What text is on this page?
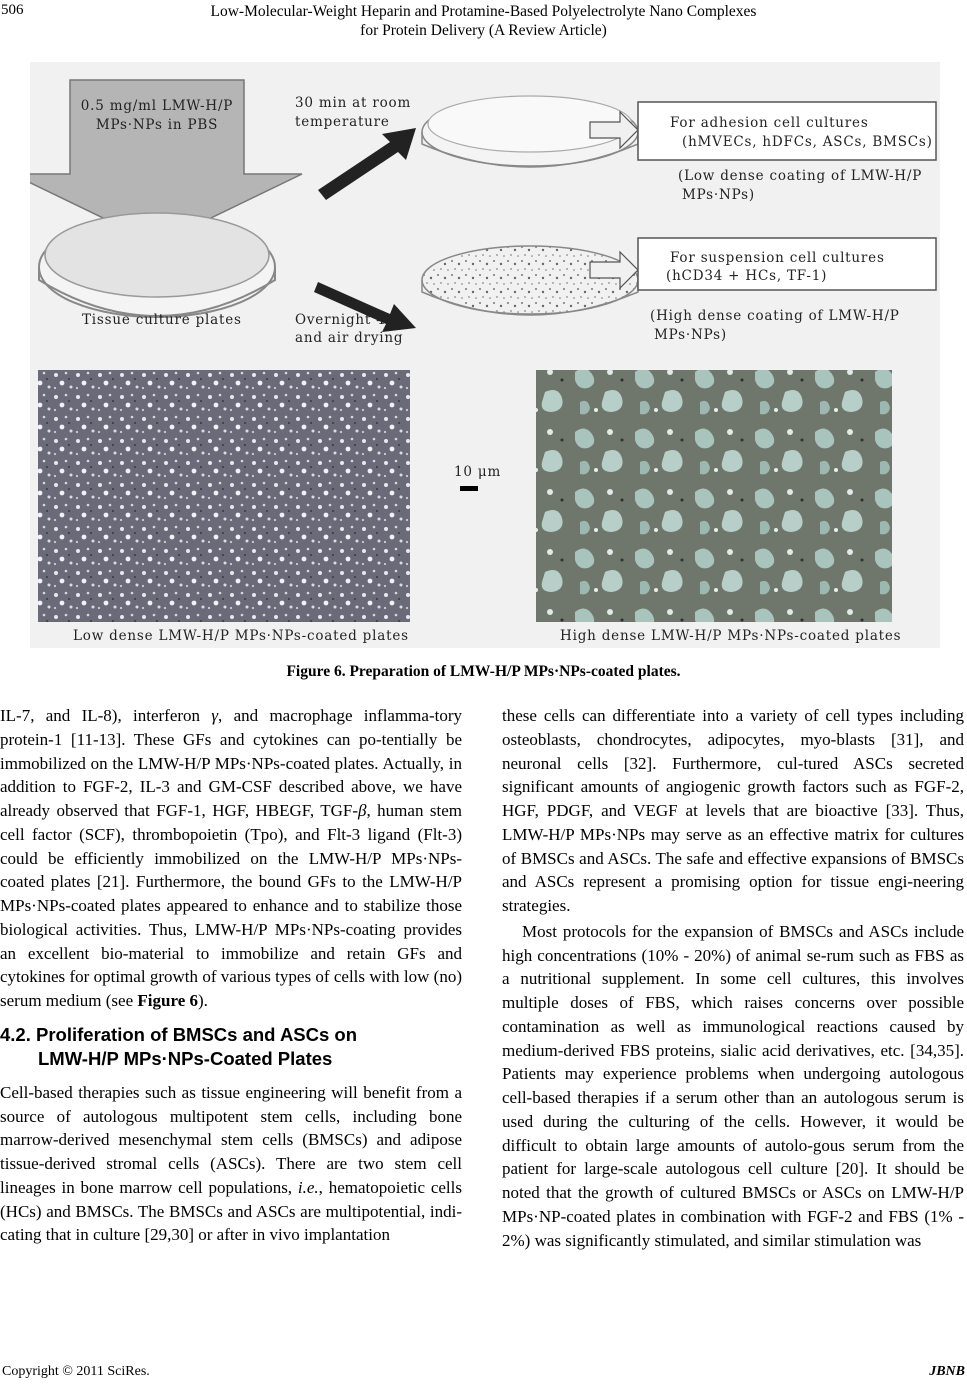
506	Low-Molecular-Weight Heparin and Protamine-Based Polyelectrolyte Nano Complexes
for Protein Delivery (A Review Article)
0.5 mg/ml LMW-H/P
MPs·NPs in PBS
Tissue culture plates
30 min at room
temperature
Overnight 4℃
and air drying
For adhesion cell cultures
(hMVECs, hDFCs, ASCs, BMSCs)
(Low dense coating of LMW-H/P
MPs·NPs)
For suspension cell cultures
(hCD34 + HCs, TF-1)
(High dense coating of LMW-H/P
MPs·NPs)
10 μm
Low dense LMW-H/P MPs·NPs-coated plates	High dense LMW-H/P MPs·NPs-coated plates
Figure 6. Preparation of LMW-H/P MPs·NPs-coated plates.

IL-7, and IL-8), interferon γ, and macrophage inflamma-tory protein-1 [11-13]. These GFs and cytokines can po-tentially be immobilized on the LMW-H/P MPs·NPs-coated plates. Actually, in addition to FGF-2, IL-3 and GM-CSF described above, we have already observed that FGF-1, HGF, HBEGF, TGF-β, human stem cell factor (SCF), thrombopoietin (Tpo), and Flt-3 ligand (Flt-3) could be efficiently immobilized on the LMW-H/P MPs·NPs-coated plates [21]. Furthermore, the bound GFs to the LMW-H/P MPs·NPs-coated plates appeared to enhance and to stabilize those biological activities. Thus, LMW-H/P MPs·NPs-coating provides an excellent bio-material to immobilize and retain GFs and cytokines for optimal growth of various types of cells with low (no) serum medium (see Figure 6).

4.2. Proliferation of BMSCs and ASCs on
LMW-H/P MPs·NPs-Coated Plates

Cell-based therapies such as tissue engineering will benefit from a source of autologous multipotent stem cells, including bone marrow-derived mesenchymal stem cells (BMSCs) and adipose tissue-derived stromal cells (ASCs). There are two stem cell lineages in bone marrow cell populations, i.e., hematopoietic cells (HCs) and BMSCs. The BMSCs and ASCs are multipotential, indi-cating that in culture [29,30] or after in vivo implantation

these cells can differentiate into a variety of cell types including osteoblasts, chondrocytes, adipocytes, myo-blasts [31], and neuronal cells [32]. Furthermore, cul-tured ASCs secreted significant amounts of angiogenic growth factors such as FGF-2, HGF, PDGF, and VEGF at levels that are bioactive [33]. Thus, LMW-H/P MPs·NPs may serve as an effective matrix for cultures of BMSCs and ASCs. The safe and effective expansions of BMSCs and ASCs represent a promising option for tissue engi-neering strategies.

Most protocols for the expansion of BMSCs and ASCs include high concentrations (10% - 20%) of animal se-rum such as FBS as a nutritional supplement. In some cell cultures, this involves multiple doses of FBS, which raises concerns over possible contamination as well as immunological reactions caused by medium-derived FBS proteins, sialic acid derivatives, etc. [34,35]. Patients may experience problems when undergoing autologous cell-based therapies if a serum other than an autologous serum is used during the culturing of the cells. However, it would be difficult to obtain large amounts of autolo-gous serum from the patient for large-scale autologous cell culture [20]. It should be noted that the growth of cultured BMSCs or ASCs on LMW-H/P MPs·NP-coated plates in combination with FGF-2 and FBS (1% - 2%) was significantly stimulated, and similar stimulation was

Copyright © 2011 SciRes.	JBNB
